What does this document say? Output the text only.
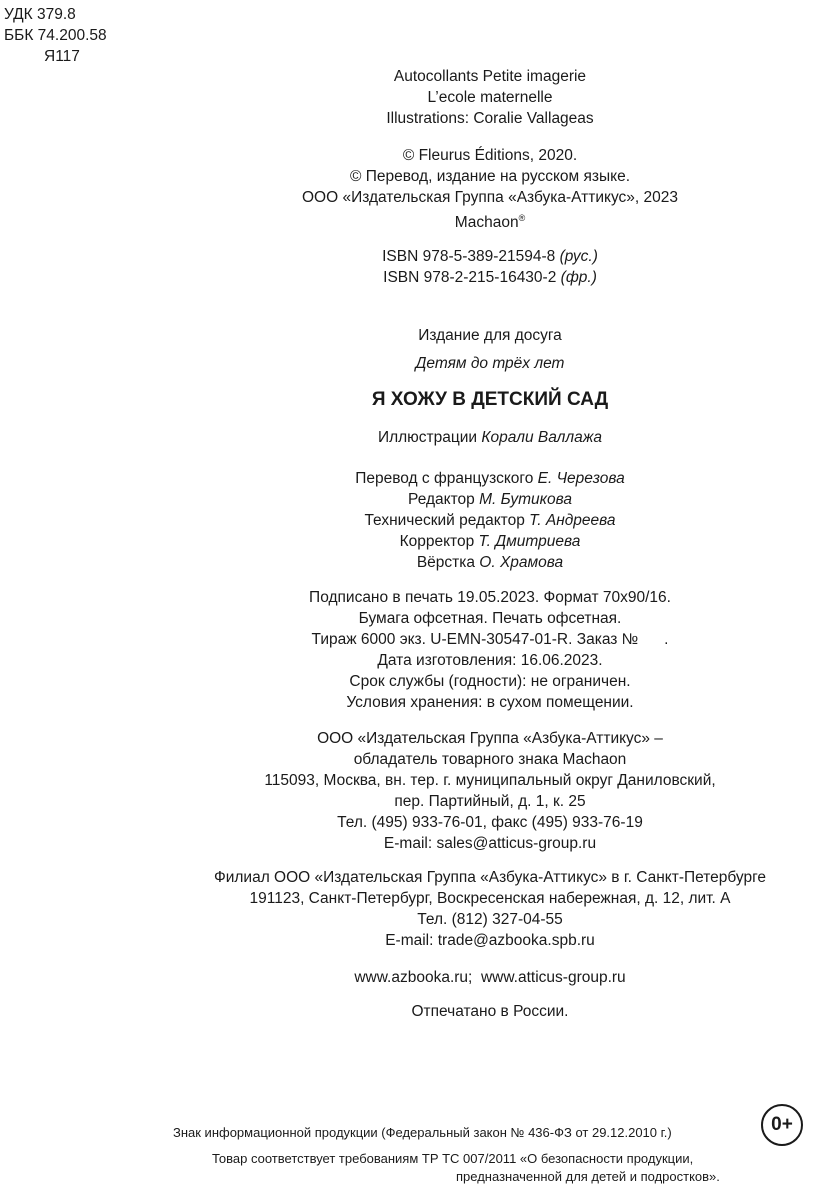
УДК 379.8
ББК 74.200.58
Я117
Autocollants Petite imagerie
L’ecole maternelle
Illustrations: Coralie Vallageas
© Fleurus Éditions, 2020.
© Перевод, издание на русском языке.
ООО «Издательская Группа «Азбука-Аттикус», 2023
Machaon®
ISBN 978-5-389-21594-8 (рус.)
ISBN 978-2-215-16430-2 (фр.)
Издание для досуга
Детям до трёх лет
Я ХОЖУ В ДЕТСКИЙ САД
Иллюстрации Корали Валлажа
Перевод с французского Е. Черезова
Редактор М. Бутикова
Технический редактор Т. Андреева
Корректор Т. Дмитриева
Вёрстка О. Храмова
Подписано в печать 19.05.2023. Формат 70x90/16.
Бумага офсетная. Печать офсетная.
Тираж 6000 экз. U-EMN-30547-01-R. Заказ №      .
Дата изготовления: 16.06.2023.
Срок службы (годности): не ограничен.
Условия хранения: в сухом помещении.
ООО «Издательская Группа «Азбука-Аттикус» –
обладатель товарного знака Machaon
115093, Москва, вн. тер. г. муниципальный округ Даниловский,
пер. Партийный, д. 1, к. 25
Тел. (495) 933-76-01, факс (495) 933-76-19
E-mail: sales@atticus-group.ru
Филиал ООО «Издательская Группа «Азбука-Аттикус» в г. Санкт-Петербурге
191123, Санкт-Петербург, Воскресенская набережная, д. 12, лит. А
Тел. (812) 327-04-55
E-mail: trade@azbooka.spb.ru
www.azbooka.ru;  www.atticus-group.ru
Отпечатано в России.
Знак информационной продукции (Федеральный закон № 436-ФЗ от 29.12.2010 г.)
Товар соответствует требованиям ТР ТС 007/2011 «О безопасности продукции,
предназначенной для детей и подростков».
0+
